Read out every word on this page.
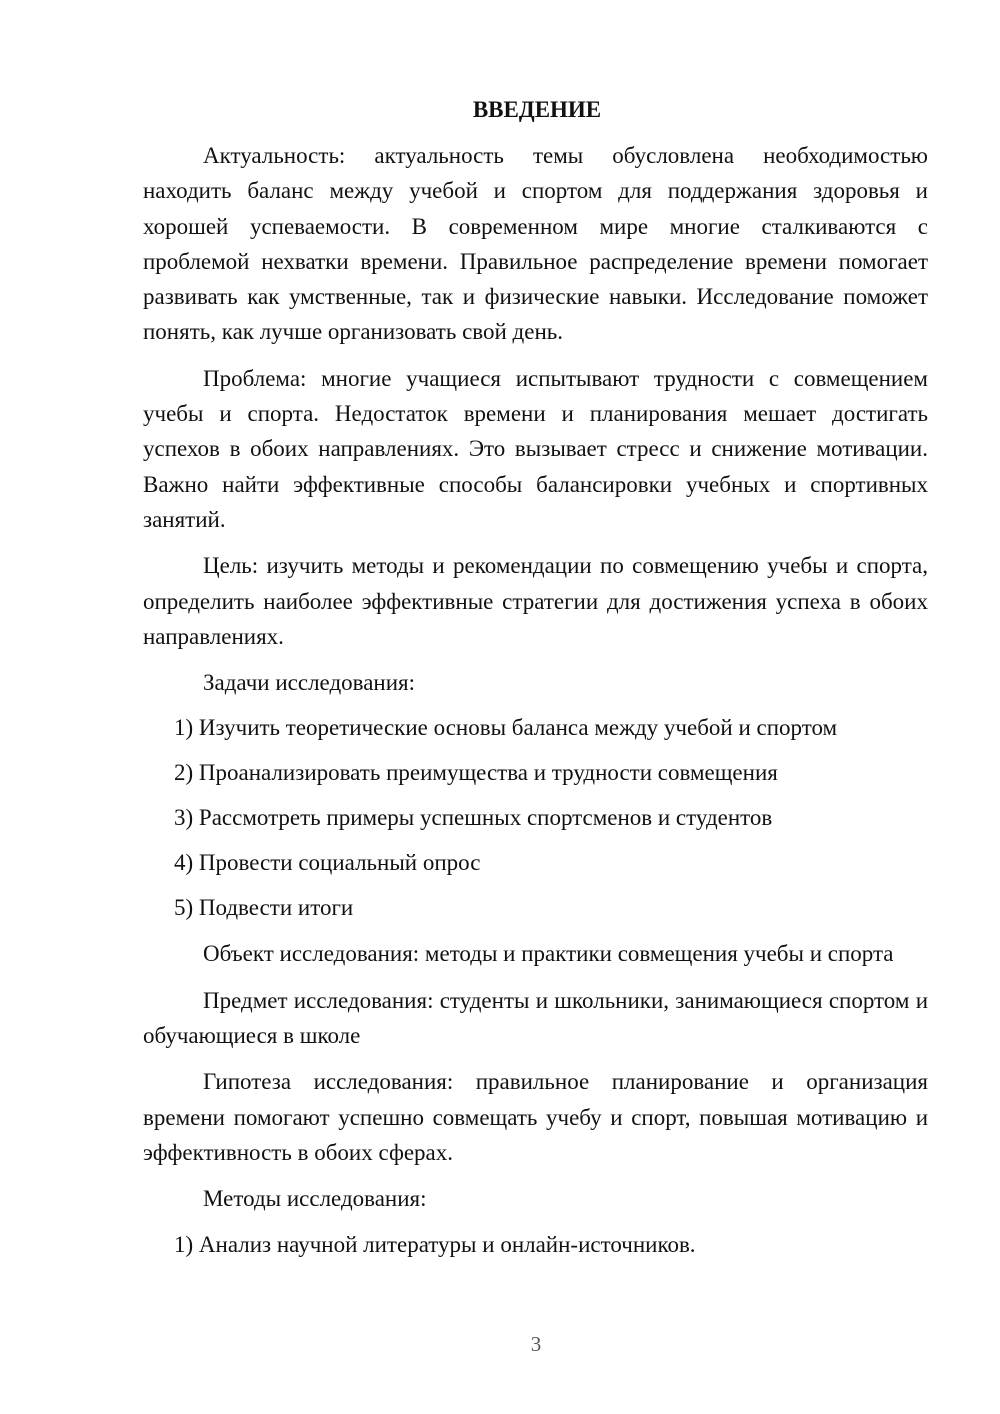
ВВЕДЕНИЕ

Актуальность: актуальность темы обусловлена необходимостью находить баланс между учебой и спортом для поддержания здоровья и хорошей успеваемости. В современном мире многие сталкиваются с проблемой нехватки времени. Правильное распределение времени помогает развивать как умственные, так и физические навыки. Исследование поможет понять, как лучше организовать свой день.

Проблема: многие учащиеся испытывают трудности с совмещением учебы и спорта. Недостаток времени и планирования мешает достигать успехов в обоих направлениях. Это вызывает стресс и снижение мотивации. Важно найти эффективные способы балансировки учебных и спортивных занятий.

Цель: изучить методы и рекомендации по совмещению учебы и спорта, определить наиболее эффективные стратегии для достижения успеха в обоих направлениях.

Задачи исследования:

1) Изучить теоретические основы баланса между учебой и спортом
2) Проанализировать преимущества и трудности совмещения
3) Рассмотреть примеры успешных спортсменов и студентов
4) Провести социальный опрос
5) Подвести итоги

Объект исследования: методы и практики совмещения учебы и спорта

Предмет исследования: студенты и школьники, занимающиеся спортом и обучающиеся в школе

Гипотеза исследования: правильное планирование и организация времени помогают успешно совмещать учебу и спорт, повышая мотивацию и эффективность в обоих сферах.

Методы исследования:

1) Анализ научной литературы и онлайн-источников.
3
